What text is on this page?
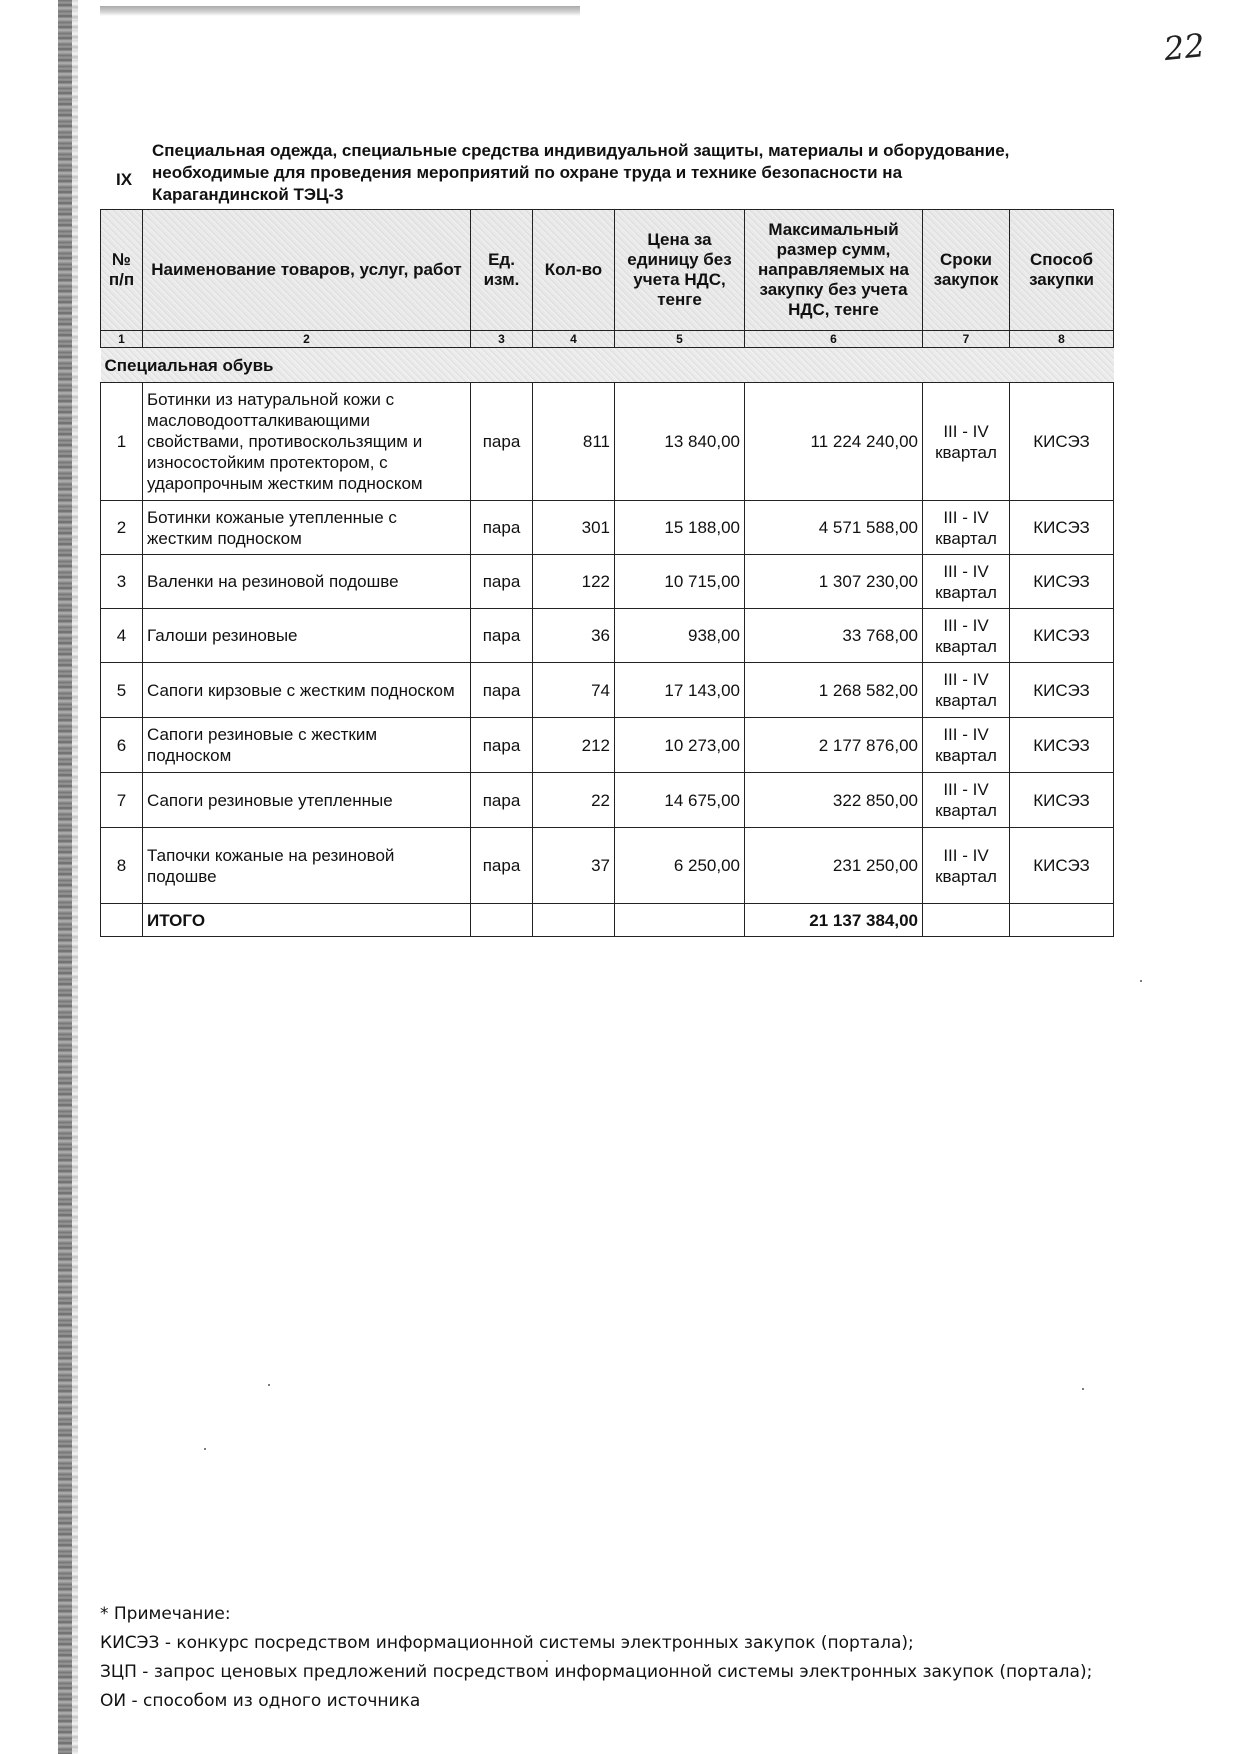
22
IX
Специальная одежда, специальные средства индивидуальной защиты, материалы и оборудование, необходимые для проведения мероприятий по охране труда и технике безопасности на Карагандинской ТЭЦ-3
№ п/п	Наименование товаров, услуг, работ	Ед. изм.	Кол-во	Цена за единицу без учета НДС, тенге	Максимальный размер сумм, направляемых на закупку без учета НДС, тенге	Сроки закупок	Способ закупки
1	2	3	4	5	6	7	8
Специальная обувь							
1	Ботинки из натуральной кожи с масловодоотталкивающими свойствами, противоскользящим и износостойким протектором, с ударопрочным жестким подноском	пара	811	13 840,00	11 224 240,00	III - IV квартал	КИСЭЗ
2	Ботинки кожаные утепленные с жестким подноском	пара	301	15 188,00	4 571 588,00	III - IV квартал	КИСЭЗ
3	Валенки на резиновой подошве	пара	122	10 715,00	1 307 230,00	III - IV квартал	КИСЭЗ
4	Галоши резиновые	пара	36	938,00	33 768,00	III - IV квартал	КИСЭЗ
5	Сапоги кирзовые с жестким подноском	пара	74	17 143,00	1 268 582,00	III - IV квартал	КИСЭЗ
6	Сапоги резиновые с жестким подноском	пара	212	10 273,00	2 177 876,00	III - IV квартал	КИСЭЗ
7	Сапоги резиновые утепленные	пара	22	14 675,00	322 850,00	III - IV квартал	КИСЭЗ
8	Тапочки кожаные на резиновой подошве	пара	37	6 250,00	231 250,00	III - IV квартал	КИСЭЗ
	ИТОГО				21 137 384,00		
* Примечание:
КИСЭЗ - конкурс посредством информационной системы электронных закупок (портала);
ЗЦП - запрос ценовых предложений посредством информационной системы электронных закупок (портала);
ОИ - способом из одного источника
